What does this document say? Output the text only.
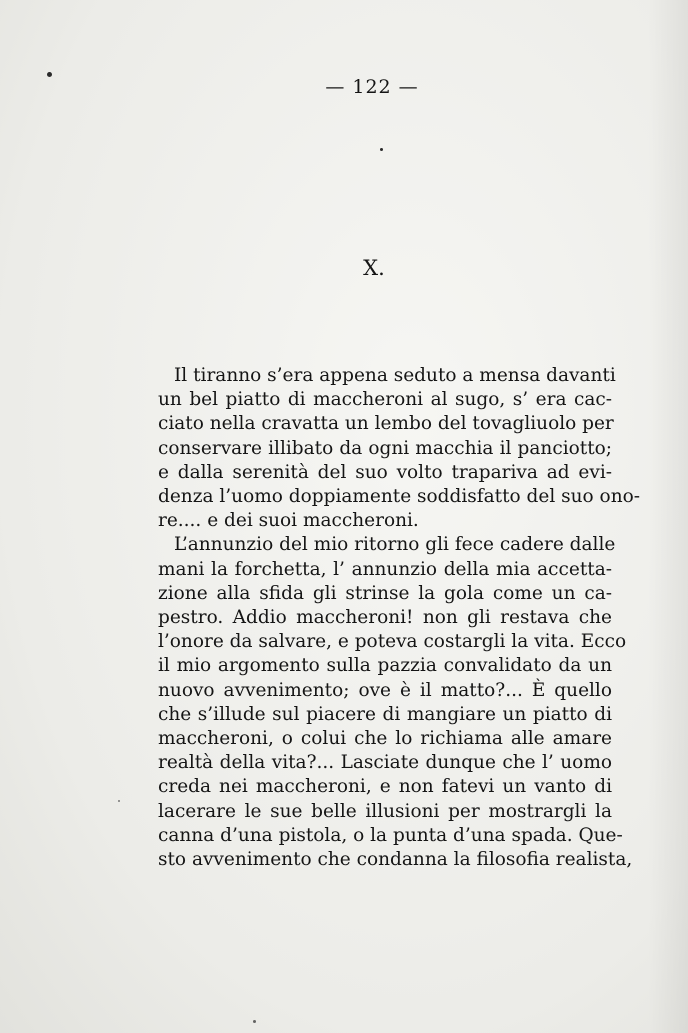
— 122 —
X.
Il tiranno s’era appena seduto a mensa davanti
un bel piatto di maccheroni al sugo, s’ era cac-
ciato nella cravatta un lembo del tovagliuolo per
conservare illibato da ogni macchia il panciotto;
e dalla serenità del suo volto trapariva ad evi-
denza l’uomo doppiamente soddisfatto del suo ono-
re.... e dei suoi maccheroni.
L’annunzio del mio ritorno gli fece cadere dalle
mani la forchetta, l’ annunzio della mia accetta-
zione alla sfida gli strinse la gola come un ca-
pestro. Addio maccheroni! non gli restava che
l’onore da salvare, e poteva costargli la vita. Ecco
il mio argomento sulla pazzia convalidato da un
nuovo avvenimento; ove è il matto?... È quello
che s’illude sul piacere di mangiare un piatto di
maccheroni, o colui che lo richiama alle amare
realtà della vita?... Lasciate dunque che l’ uomo
creda nei maccheroni, e non fatevi un vanto di
lacerare le sue belle illusioni per mostrargli la
canna d’una pistola, o la punta d’una spada. Que-
sto avvenimento che condanna la filosofia realista,
